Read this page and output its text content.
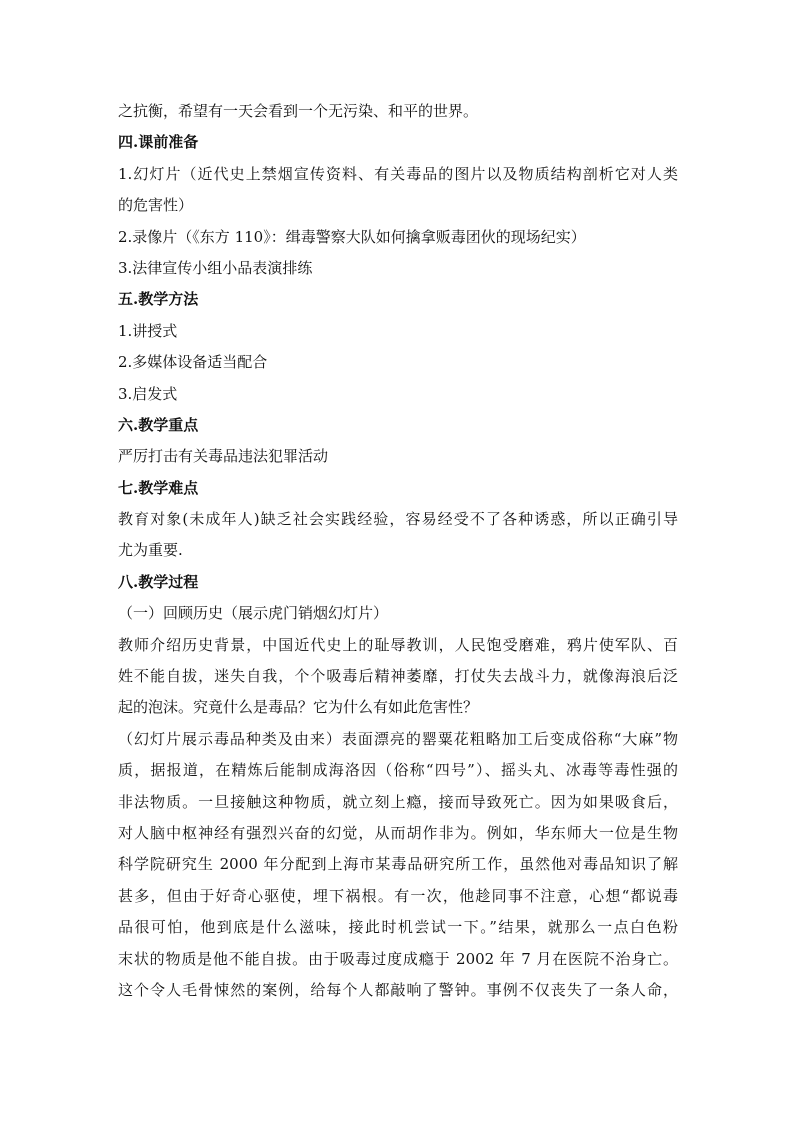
之抗衡，希望有一天会看到一个无污染、和平的世界。
四.课前准备
1.幻灯片（近代史上禁烟宣传资料、有关毒品的图片以及物质结构剖析它对人类
的危害性）
2.录像片（《东方 110》：缉毒警察大队如何擒拿贩毒团伙的现场纪实）
3.法律宣传小组小品表演排练
五.教学方法
1.讲授式
2.多媒体设备适当配合
3.启发式
六.教学重点
严厉打击有关毒品违法犯罪活动
七.教学难点
教育对象(未成年人)缺乏社会实践经验，容易经受不了各种诱惑，所以正确引导
尤为重要.
八.教学过程
（一）回顾历史（展示虎门销烟幻灯片）
教师介绍历史背景，中国近代史上的耻辱教训，人民饱受磨难，鸦片使军队、百
姓不能自拔，迷失自我，个个吸毒后精神萎靡，打仗失去战斗力，就像海浪后泛
起的泡沫。究竟什么是毒品？它为什么有如此危害性？
（幻灯片展示毒品种类及由来）表面漂亮的罂粟花粗略加工后变成俗称“大麻”物
质，据报道，在精炼后能制成海洛因（俗称“四号”）、摇头丸、冰毒等毒性强的
非法物质。一旦接触这种物质，就立刻上瘾，接而导致死亡。因为如果吸食后，
对人脑中枢神经有强烈兴奋的幻觉，从而胡作非为。例如，华东师大一位是生物
科学院研究生 2000 年分配到上海市某毒品研究所工作，虽然他对毒品知识了解
甚多，但由于好奇心驱使，埋下祸根。有一次，他趁同事不注意，心想“都说毒
品很可怕，他到底是什么滋味，接此时机尝试一下。”结果，就那么一点白色粉
末状的物质是他不能自拔。由于吸毒过度成瘾于 2002 年 7 月在医院不治身亡。
这个令人毛骨悚然的案例，给每个人都敲响了警钟。事例不仅丧失了一条人命，
